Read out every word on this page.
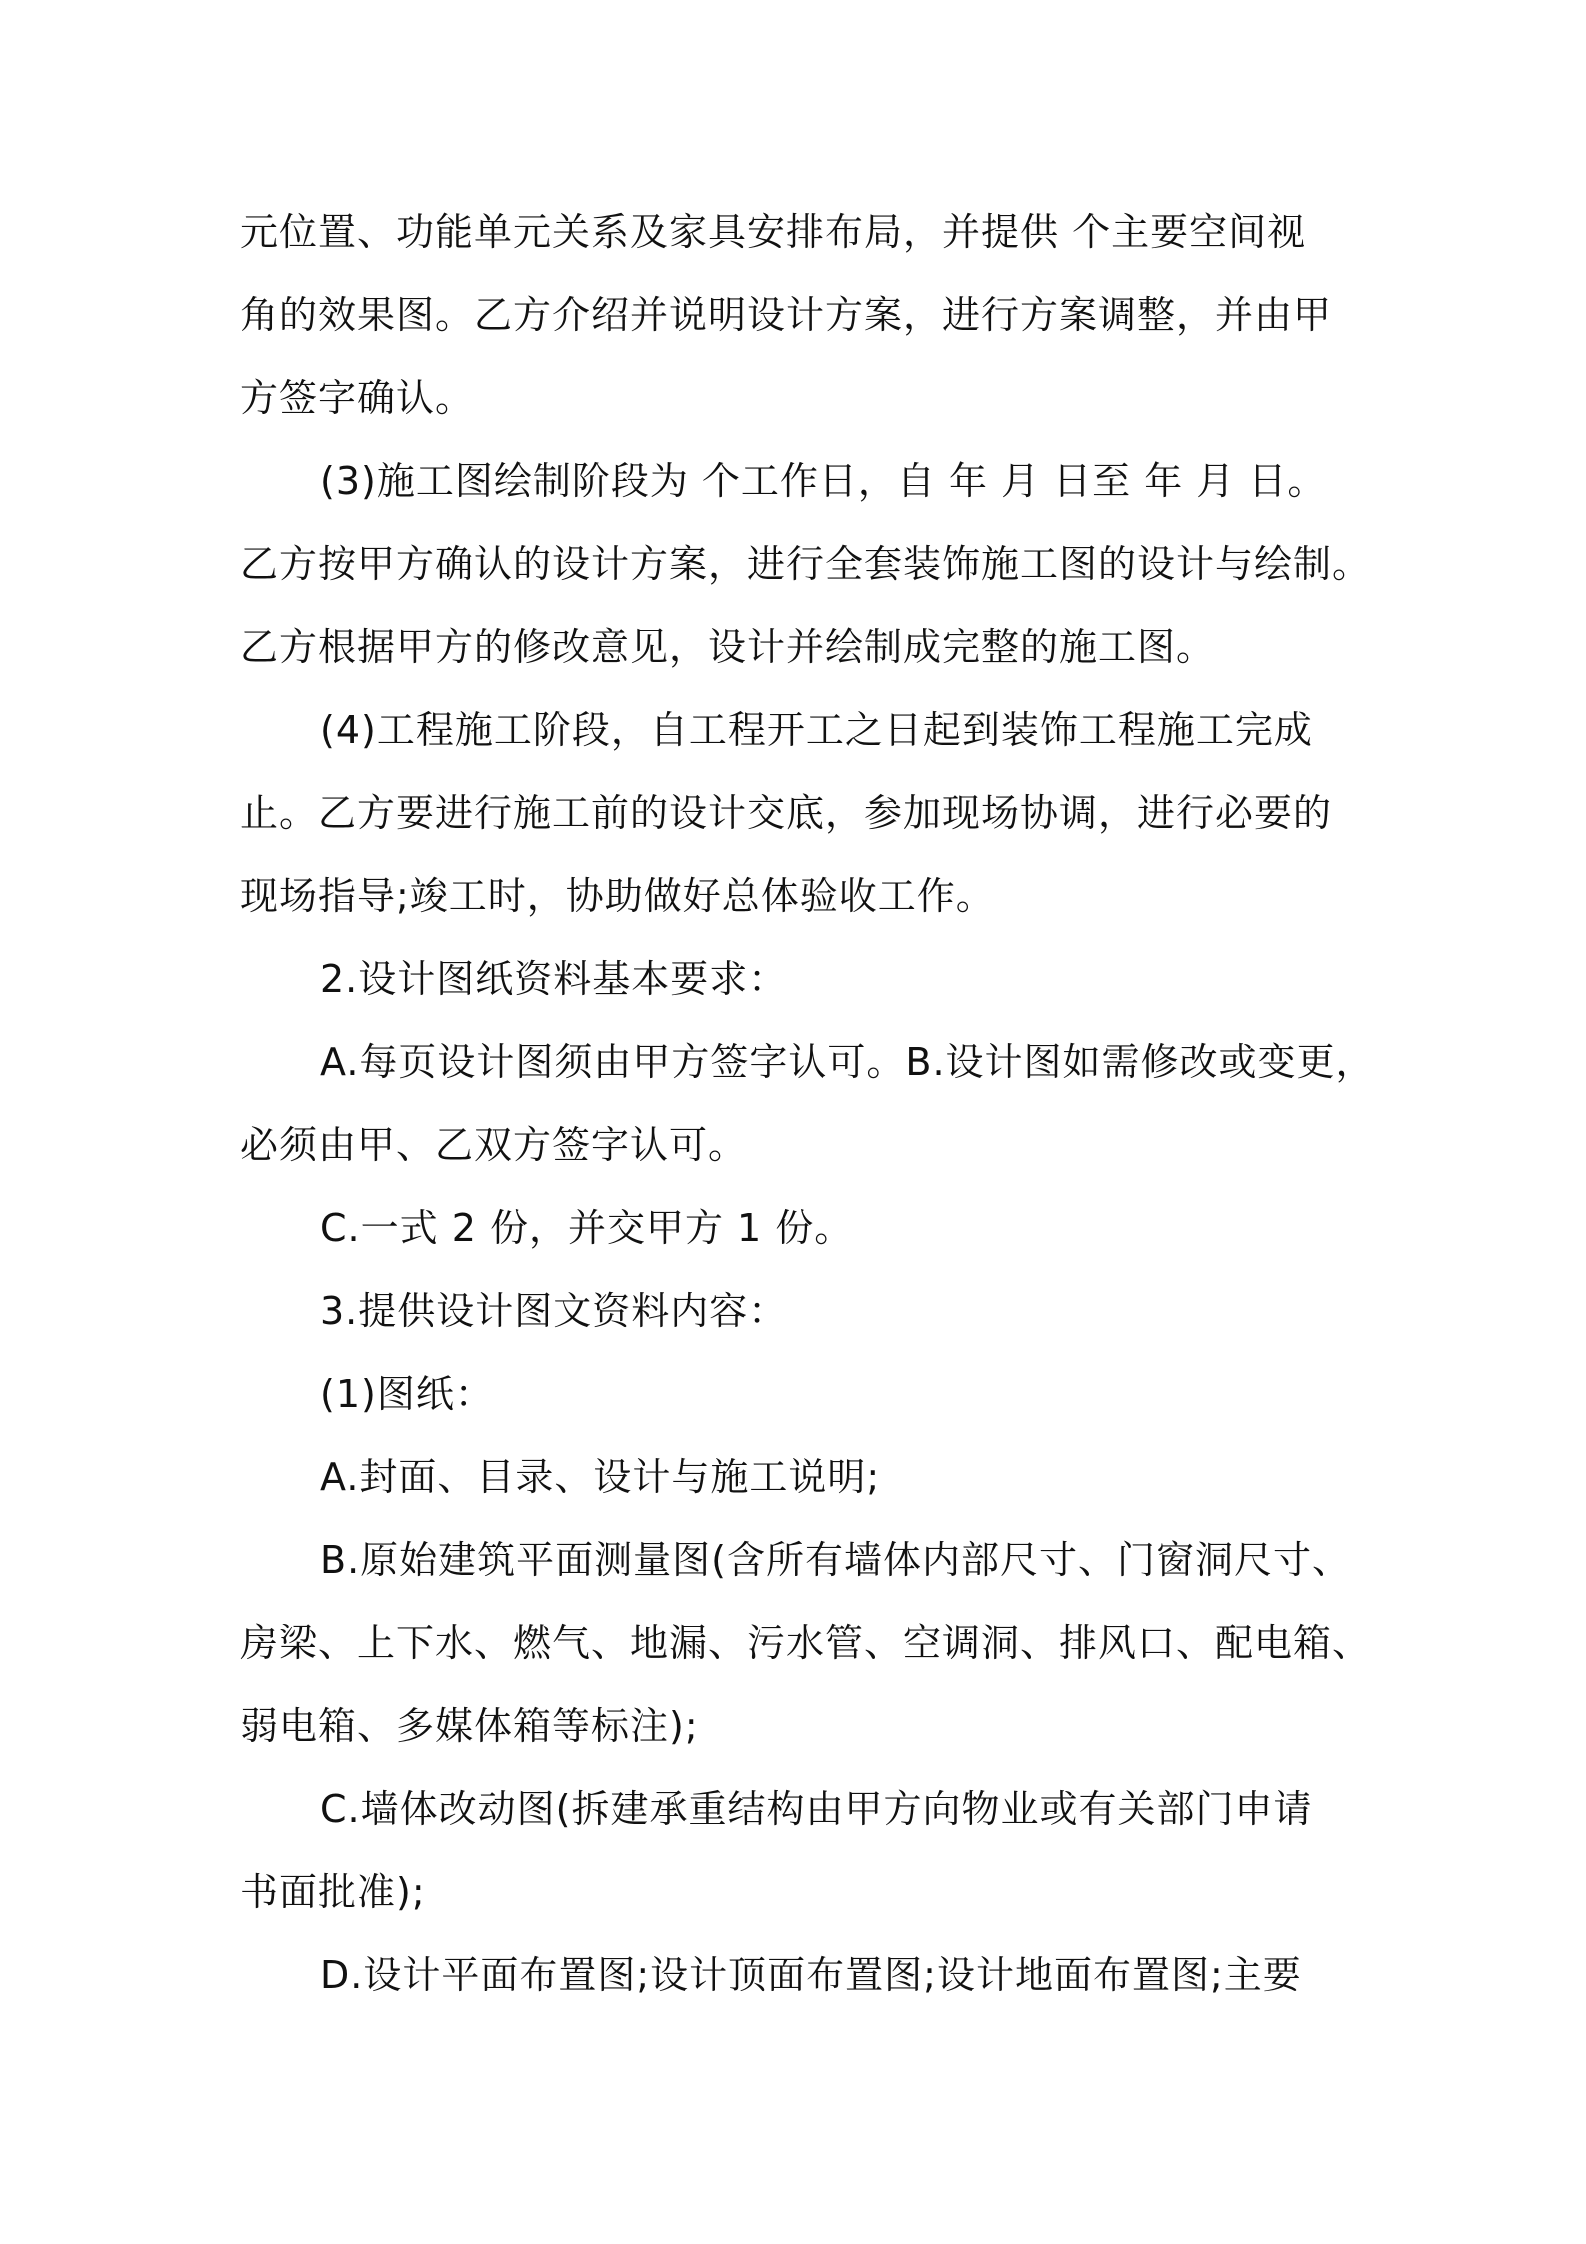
元位置、功能单元关系及家具安排布局，并提供 个主要空间视
角的效果图。乙方介绍并说明设计方案，进行方案调整，并由甲
方签字确认。
(3)施工图绘制阶段为 个工作日，自 年 月 日至 年 月 日。
乙方按甲方确认的设计方案，进行全套装饰施工图的设计与绘制。
乙方根据甲方的修改意见，设计并绘制成完整的施工图。
(4)工程施工阶段，自工程开工之日起到装饰工程施工完成
止。乙方要进行施工前的设计交底，参加现场协调，进行必要的
现场指导;竣工时，协助做好总体验收工作。
2.设计图纸资料基本要求：
A.每页设计图须由甲方签字认可。B.设计图如需修改或变更，
必须由甲、乙双方签字认可。
C.一式 2 份，并交甲方 1 份。
3.提供设计图文资料内容：
(1)图纸：
A.封面、目录、设计与施工说明;
B.原始建筑平面测量图(含所有墙体内部尺寸、门窗洞尺寸、
房梁、上下水、燃气、地漏、污水管、空调洞、排风口、配电箱、
弱电箱、多媒体箱等标注);
C.墙体改动图(拆建承重结构由甲方向物业或有关部门申请
书面批准);
D.设计平面布置图;设计顶面布置图;设计地面布置图;主要
